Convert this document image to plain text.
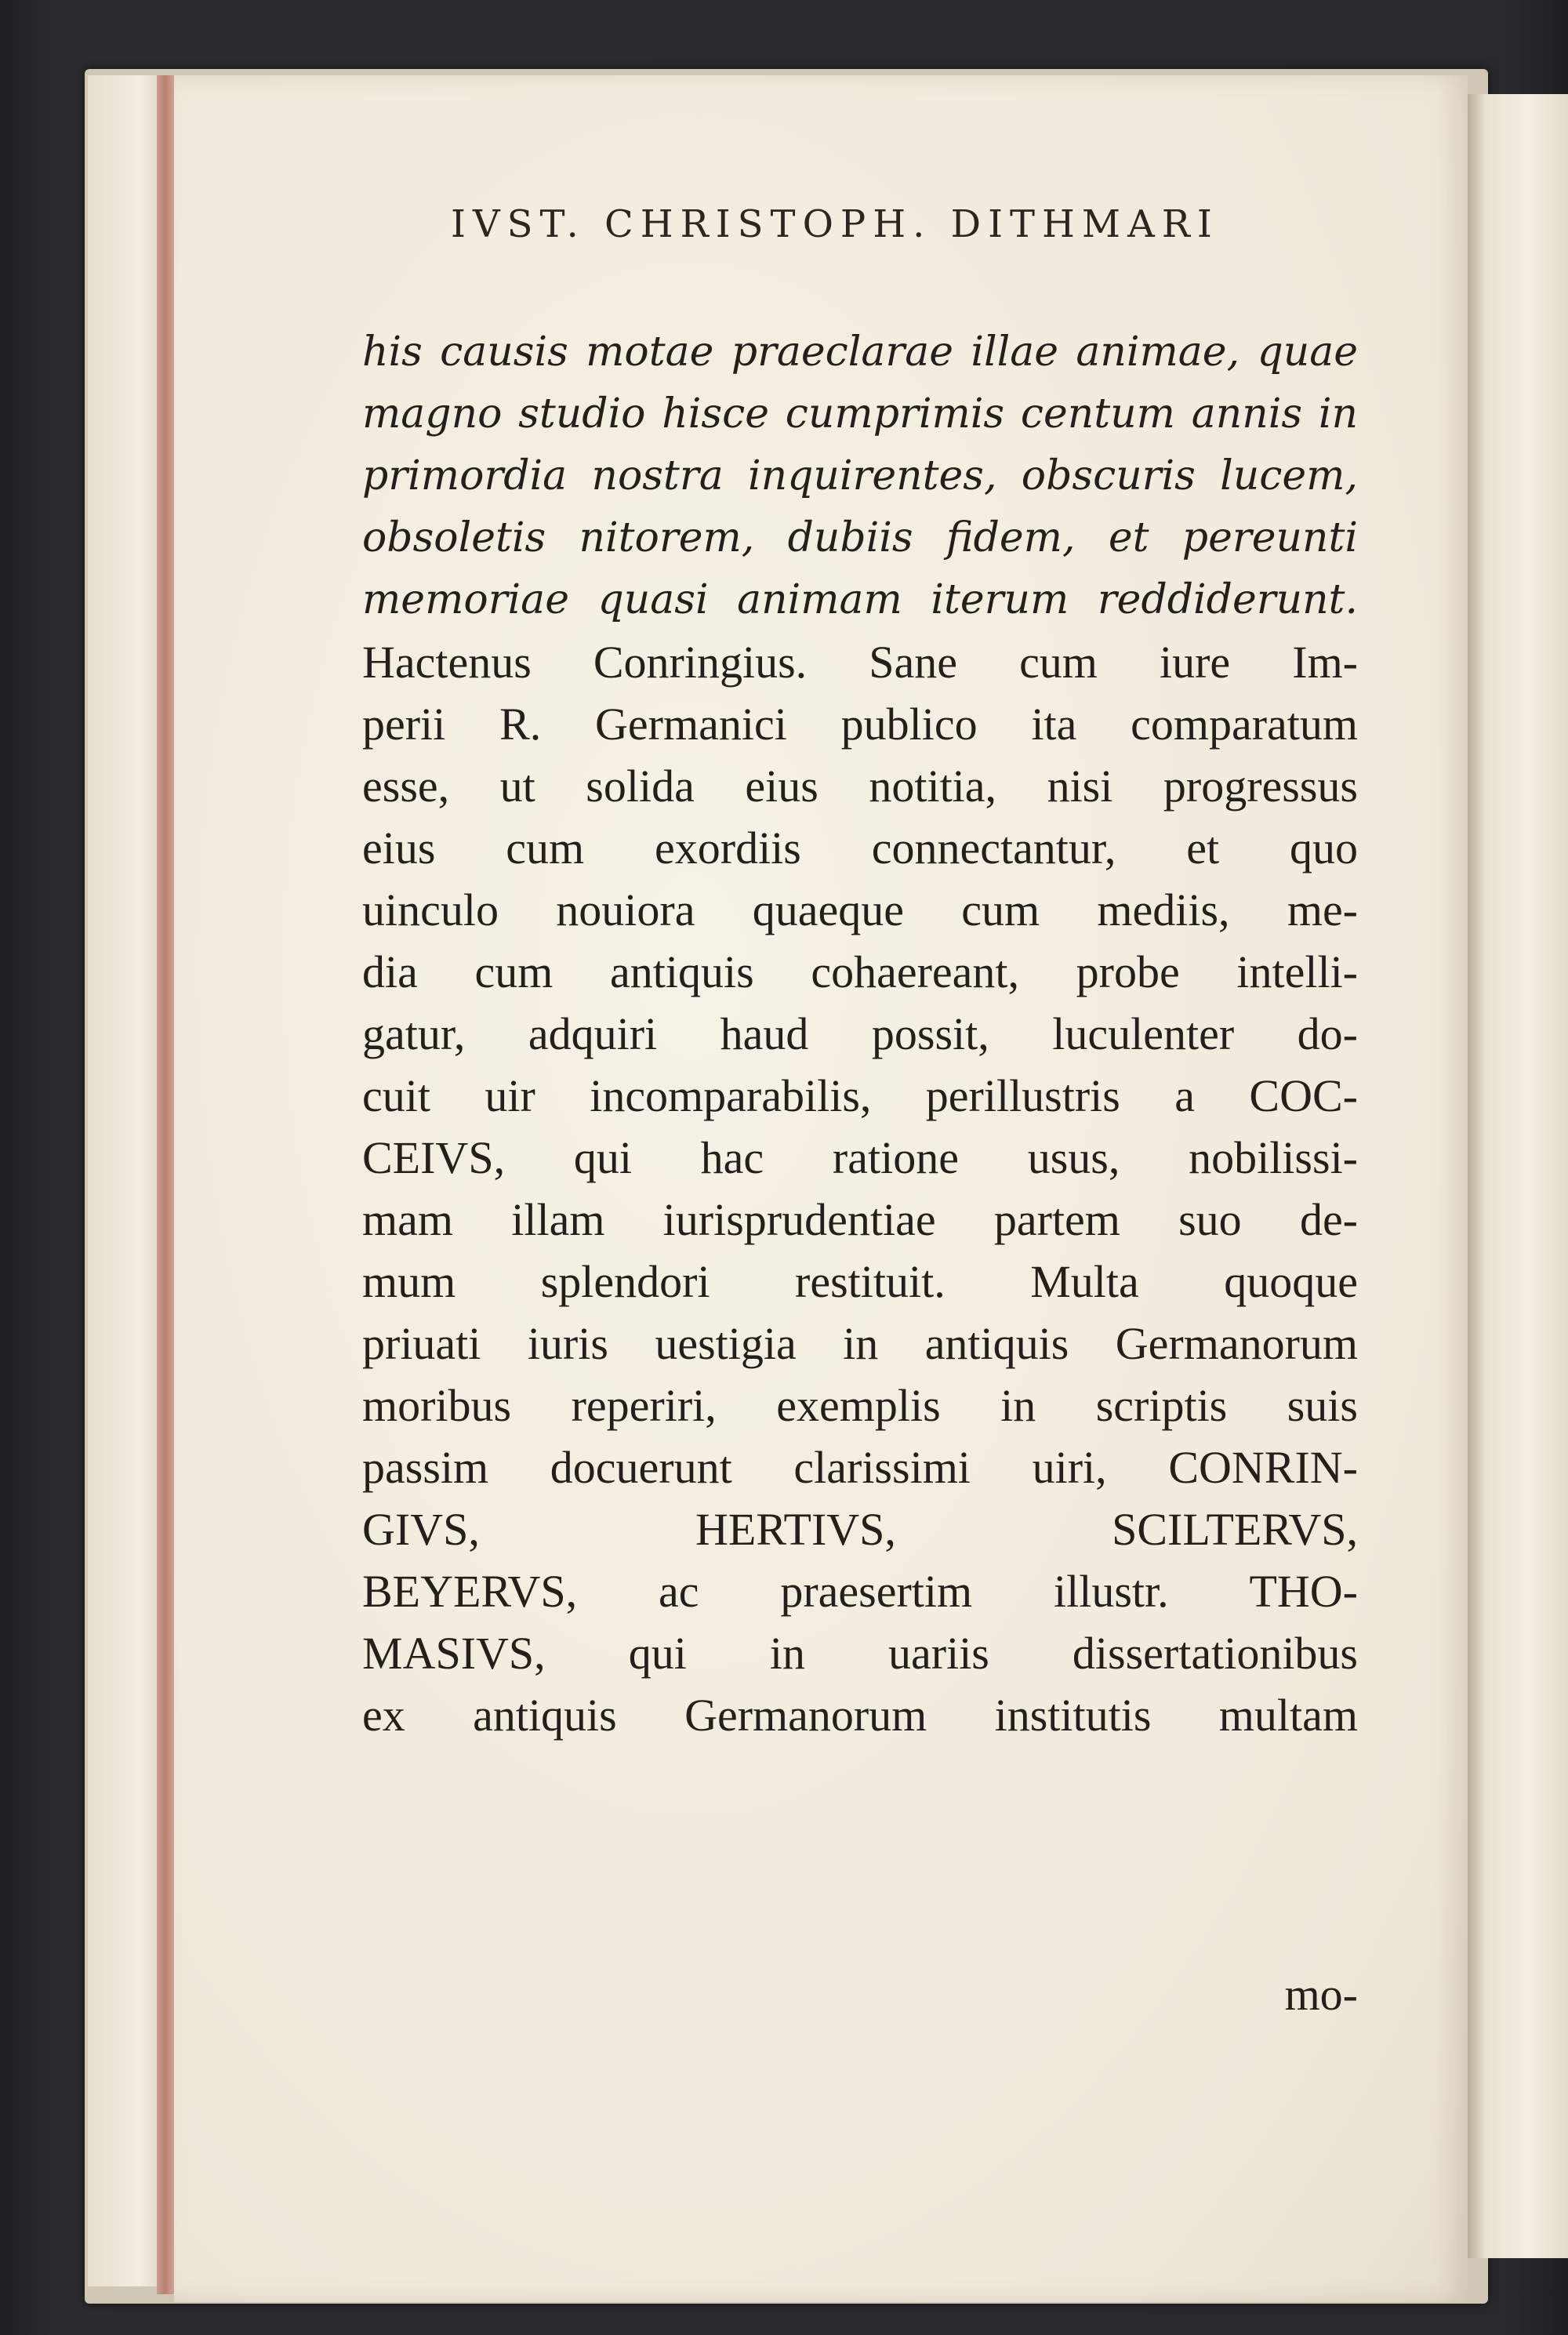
IVST. CHRISTOPH. DITHMARI
his causis motae praeclarae illae animae, quae
magno studio hisce cumprimis centum annis in
primordia nostra inquirentes, obscuris lucem,
obsoletis nitorem, dubiis fidem, et pereunti
memoriae quasi animam iterum reddiderunt.
Hactenus Conringius. Sane cum iure Im-
perii R. Germanici publico ita comparatum
esse, ut solida eius notitia, nisi progressus
eius cum exordiis connectantur, et quo
uinculo nouiora quaeque cum mediis, me-
dia cum antiquis cohaereant, probe intelli-
gatur, adquiri haud possit, luculenter do-
cuit uir incomparabilis, perillustris a COC-
CEIVS, qui hac ratione usus, nobilissi-
mam illam iurisprudentiae partem suo de-
mum splendori restituit. Multa quoque
priuati iuris uestigia in antiquis Germanorum
moribus reperiri, exemplis in scriptis suis
passim docuerunt clarissimi uiri, CONRIN-
GIVS, HERTIVS, SCILTERVS,
BEYERVS, ac praesertim illustr. THO-
MASIVS, qui in uariis dissertationibus
ex antiquis Germanorum institutis multam
mo-
